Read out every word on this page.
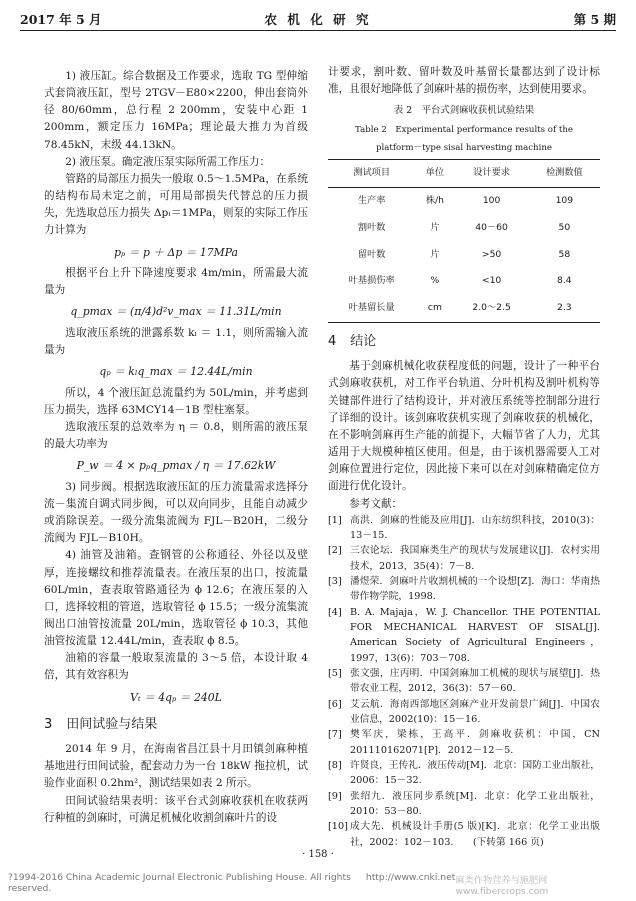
2017 年 5 月	农 机 化 研 究	第 5 期

1) 液压缸。综合数据及工作要求，选取 TG 型伸缩式套筒液压缸，型号 2TGV－E80×2200，伸出套筒外径 80/60mm，总行程 2 200mm，安装中心距 1 200mm，额定压力 16MPa；理论最大推力为首级 78.45kN，末级 44.13kN。

2) 液压泵。确定液压泵实际所需工作压力：

管路的局部压力损失一般取 0.5～1.5MPa，在系统的结构布局未定之前，可用局部损失代替总的压力损失，先选取总压力损失 Δpₗ＝1MPa，则泵的实际工作压力计算为

pₚ ＝ p ＋ Δp ＝ 17MPa

根据平台上升下降速度要求 4m/min，所需最大流量为

q_pmax ＝ (π/4)d²v_max ＝ 11.31L/min

选取液压系统的泄露系数 kₗ ＝ 1.1，则所需输入流量为

qₚ ＝ kₗq_max ＝ 12.44L/min

所以，4 个液压缸总流量约为 50L/min，并考虑到压力损失，选择 63MCY14－1B 型柱塞泵。

选取液压泵的总效率为 η ＝ 0.8，则所需的液压泵的最大功率为

P_w ＝ 4 × pₚq_pmax / η ＝ 17.62kW

3) 同步阀。根据选取液压缸的压力流量需求选择分流－集流自调式同步阀，可以双向同步，且能自动减少或消除误差。一级分流集流阀为 FJL－B20H，二级分流阀为 FJL－B10H。

4) 油管及油箱。查钢管的公称通径、外径以及壁厚，连接螺纹和推荐流量表。在液压泵的出口，按流量 60L/min，查表取管路通径为 ϕ 12.6；在液压泵的入口，选择较粗的管道，选取管径 ϕ 15.5；一级分流集流阀出口油管按流量 20L/min，选取管径 ϕ 10.3，其他油管按流量 12.44L/min，查表取 ϕ 8.5。

油箱的容量一般取泵流量的 3～5 倍，本设计取 4 倍，其有效容积为

Vₜ ＝ 4qₚ ＝ 240L
3 田间试验与结果

2014 年 9 月，在海南省昌江县十月田镇剑麻种植基地进行田间试验，配套动力为一台 18kW 拖拉机，试验作业面积 0.2hm²，测试结果如表 2 所示。

田间试验结果表明：该平台式剑麻收获机在收获两行种植的剑麻时，可满足机械化收割剑麻叶片的设

计要求，割叶数、留叶数及叶基留长量都达到了设计标准，且很好地降低了剑麻叶基的损伤率，达到使用要求。

表 2　平台式剑麻收获机试验结果
Table 2　Experimental performance results of the
platform－type sisal harvesting machine
测试项目	单位	设计要求	检测数值
生产率	株/h	100	109
割叶数	片	40－60	50
留叶数	片	>50	58
叶基损伤率	%	<10	8.4
叶基留长量	cm	2.0～2.5	2.3
4 结论

基于剑麻机械化收获程度低的问题，设计了一种平台式剑麻收获机，对工作平台轨道、分叶机构及割叶机构等关键部件进行了结构设计，并对液压系统等控制部分进行了详细的设计。该剑麻收获机实现了剑麻收获的机械化，在不影响剑麻再生产能的前提下，大幅节省了人力，尤其适用于大规模种植区使用。但是，由于该机器需要人工对剑麻位置进行定位，因此接下来可以在对剑麻精确定位方面进行优化设计。

参考文献：

[1] 高洪．剑麻的性能及应用[J]．山东纺织科技，2010(3)：13－15.
[2] 三农论坛．我国麻类生产的现状与发展建议[J]．农村实用技术，2013，35(4)：7－8.
[3] 潘煜荣．剑麻叶片收割机械的一个设想[Z]．海口：华南热带作物学院，1998.
[4] B. A. Majaja，W. J. Chancellor. THE POTENTIAL FOR MECHANICAL HARVEST OF SISAL[J]. American Society of Agricultural Engineers，1997，13(6)：703－708.
[5] 张文强，庄丙明．中国剑麻加工机械的现状与展望[J]．热带农业工程，2012，36(3)：57－60.
[6] 艾云航．海南西部地区剑麻产业开发前景广阔[J]．中国农业信息，2002(10)：15－16.
[7] 樊军庆，梁栋，王高平．剑麻收获机：中国，CN 201110162071[P]．2012－12－5.
[8] 许贤良，王传礼．液压传动[M]．北京：国防工业出版社，2006：15－32.
[9] 张绍九．液压同步系统[M]．北京：化学工业出版社，2010：53－80.
[10] 成大先．机械设计手册(5 版)[K]．北京：化学工业出版社，2002：102－103.　　(下转第 166 页)
· 158 ·
?1994-2016 China Academic Journal Electronic Publishing House. All rights reserved.
http://www.cnki.net 麻类作物营养与施肥网 www.fibercrops.com
